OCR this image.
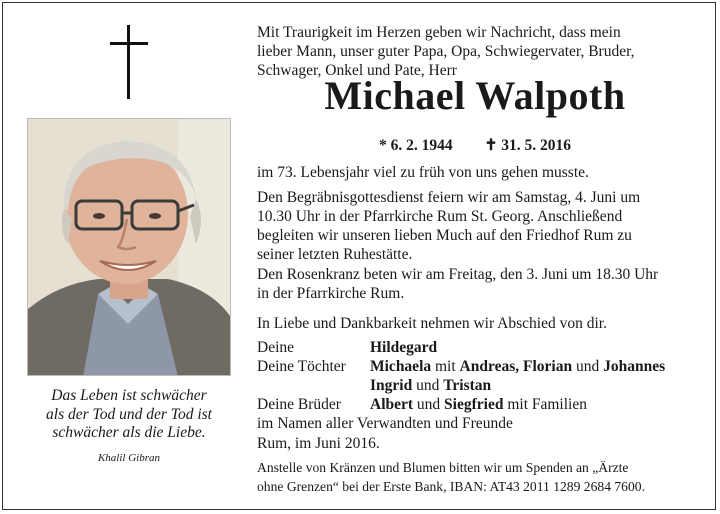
Das Leben ist schwächer
als der Tod und der Tod ist
schwächer als die Liebe.
Khalil Gibran
Mit Traurigkeit im Herzen geben wir Nachricht, dass mein
lieber Mann, unser guter Papa, Opa, Schwiegervater, Bruder,
Schwager, Onkel und Pate, Herr
Michael Walpoth
* 6. 2. 1944 ✝ 31. 5. 2016
im 73. Lebensjahr viel zu früh von uns gehen musste.
Den Begräbnisgottesdienst feiern wir am Samstag, 4. Juni um
10.30 Uhr in der Pfarrkirche Rum St. Georg. Anschließend
begleiten wir unseren lieben Much auf den Friedhof Rum zu
seiner letzten Ruhestätte.
Den Rosenkranz beten wir am Freitag, den 3. Juni um 18.30 Uhr
in der Pfarrkirche Rum.
In Liebe und Dankbarkeit nehmen wir Abschied von dir.
Deine	Hildegard
Deine Töchter	Michaela mit Andreas, Florian und Johannes
Ingrid und Tristan
Deine Brüder	Albert und Siegfried mit Familien
im Namen aller Verwandten und Freunde
Rum, im Juni 2016.
Anstelle von Kränzen und Blumen bitten wir um Spenden an „Ärzte
ohne Grenzen“ bei der Erste Bank, IBAN: AT43 2011 1289 2684 7600.
